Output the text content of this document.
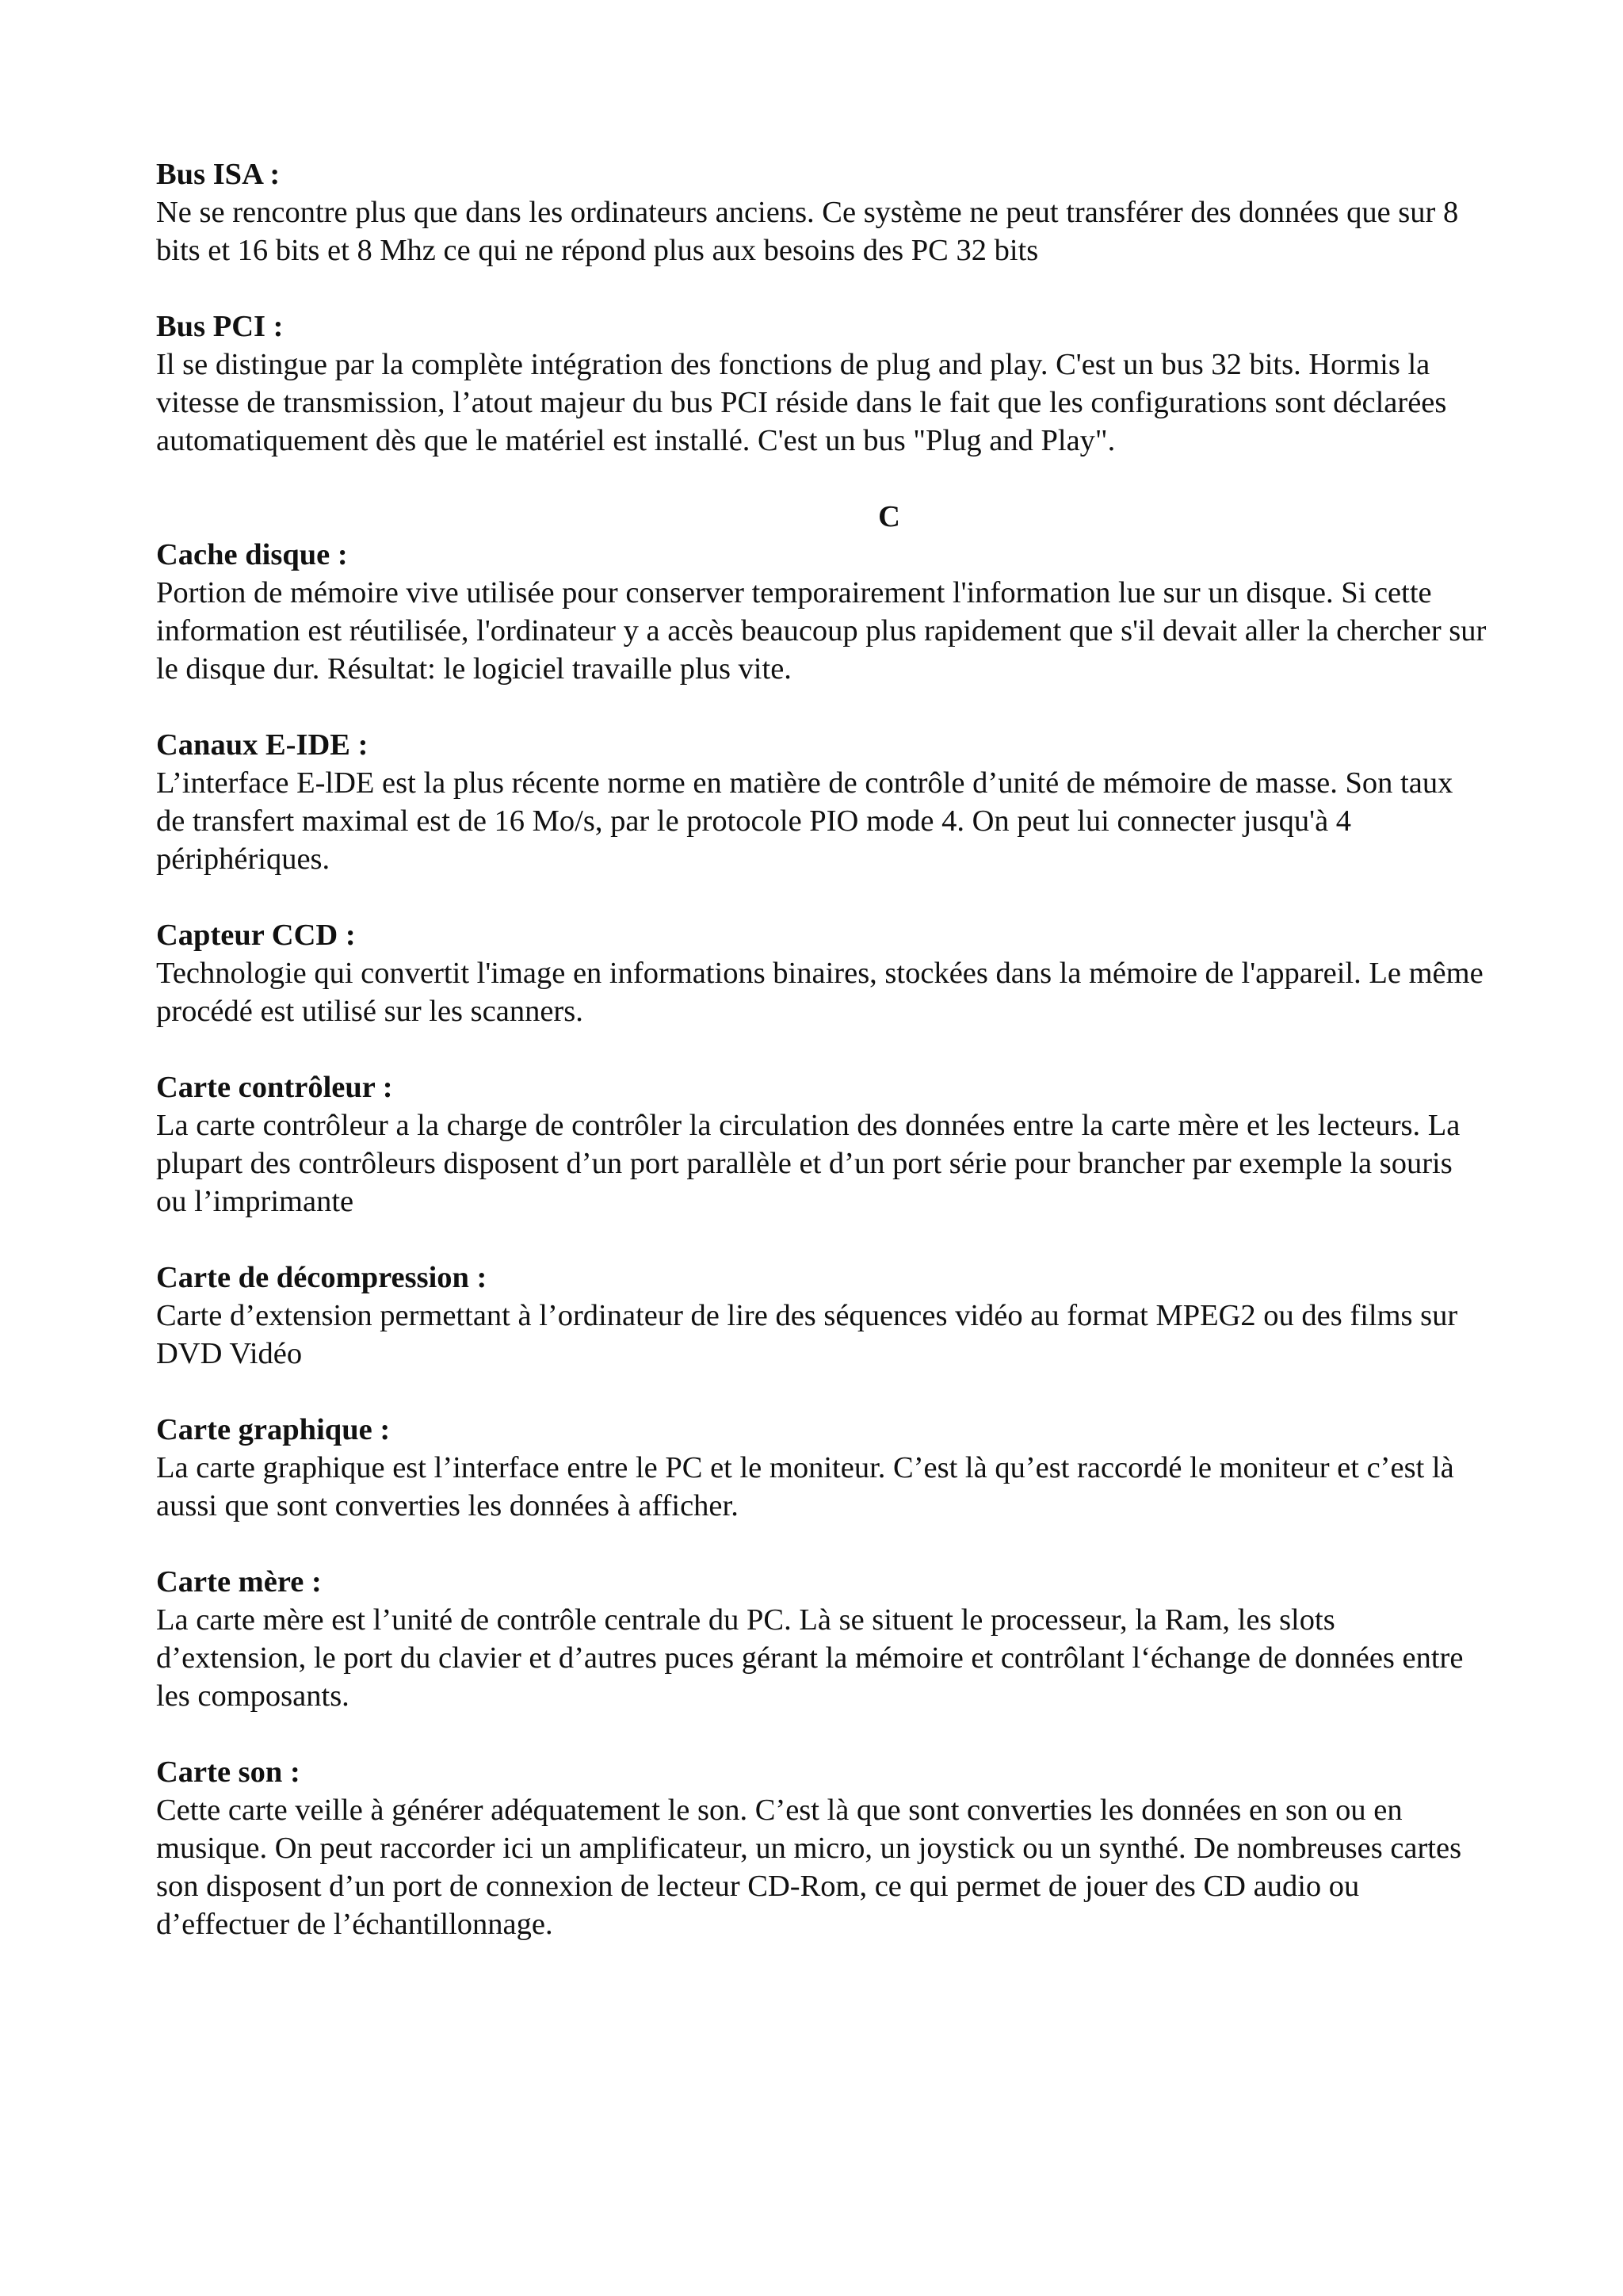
Bus ISA :
Ne se rencontre plus que dans les ordinateurs anciens. Ce système ne peut transférer des données que sur 8 bits et 16 bits et 8 Mhz ce qui ne répond plus aux besoins des PC 32 bits
Bus PCI :
Il se distingue par la complète intégration des fonctions de plug and play. C'est un bus 32 bits. Hormis la vitesse de transmission, l’atout majeur du bus PCI réside dans le fait que les configurations sont déclarées automatiquement dès que le matériel est installé. C'est un bus "Plug and Play".
C
Cache disque :
Portion de mémoire vive utilisée pour conserver temporairement l'information lue sur un disque. Si cette information est réutilisée, l'ordinateur y a accès beaucoup plus rapidement que s'il devait aller la chercher sur le disque dur. Résultat: le logiciel travaille plus vite.
Canaux E-IDE :
L’interface E-lDE est la plus récente norme en matière de contrôle d’unité de mémoire de masse. Son taux de transfert maximal est de 16 Mo/s, par le protocole PIO mode 4. On peut lui connecter jusqu'à 4 périphériques.
Capteur CCD :
Technologie qui convertit l'image en informations binaires, stockées dans la mémoire de l'appareil. Le même procédé est utilisé sur les scanners.
Carte contrôleur :
La carte contrôleur a la charge de contrôler la circulation des données entre la carte mère et les lecteurs. La plupart des contrôleurs disposent d’un port parallèle et d’un port série pour brancher par exemple la souris ou l’imprimante
Carte de décompression :
Carte d’extension permettant à l’ordinateur de lire des séquences vidéo au format MPEG2 ou des films sur DVD Vidéo
Carte graphique :
La carte graphique est l’interface entre le PC et le moniteur. C’est là qu’est raccordé le moniteur et c’est là aussi que sont converties les données à afficher.
Carte mère :
La carte mère est l’unité de contrôle centrale du PC. Là se situent le processeur, la Ram, les slots d’extension, le port du clavier et d’autres puces gérant la mémoire et contrôlant l‘échange de données entre les composants.
Carte son :
Cette carte veille à générer adéquatement le son. C’est là que sont converties les données en son ou en musique. On peut raccorder ici un amplificateur, un micro, un joystick ou un synthé. De nombreuses cartes son disposent d’un port de connexion de lecteur CD-Rom, ce qui permet de jouer des CD audio ou d’effectuer de l’échantillonnage.
